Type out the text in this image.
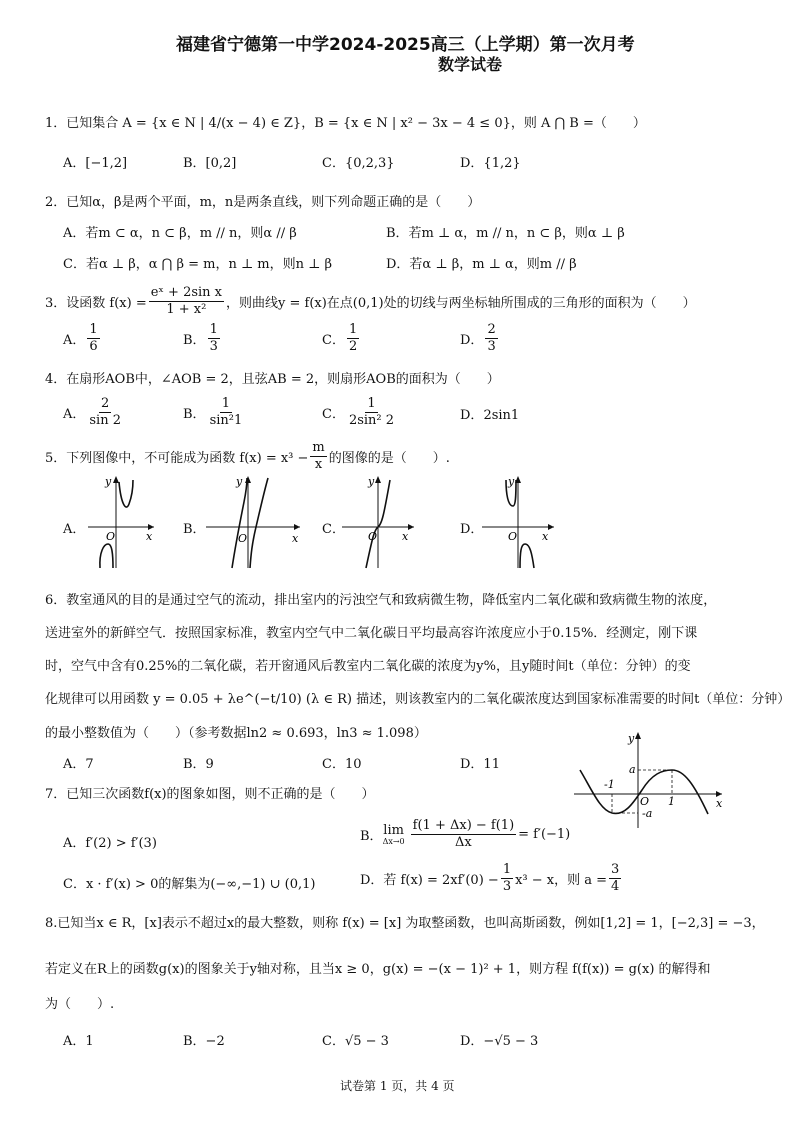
福建省宁德第一中学2024-2025高三（上学期）第一次月考
数学试卷
1．已知集合 A = {x ∈ N | 4/(x − 4) ∈ Z}，B = {x ∈ N | x² − 3x − 4 ≤ 0}，则 A ⋂ B =（　　）
A．[−1,2]	B．[0,2]	C．{0,2,3}	D．{1,2}
2．已知α，β是两个平面，m，n是两条直线，则下列命题正确的是（　　）
A．若m ⊂ α，n ⊂ β，m // n，则α // β	B．若m ⊥ α，m // n，n ⊂ β，则α ⊥ β
C．若α ⊥ β，α ⋂ β = m，n ⊥ m，则n ⊥ β	D．若α ⊥ β，m ⊥ α，则m // β
3．设函数 $f(x) = \frac{\text{eˣ + 2sin x}}{\text{1 + x²}}$ ，则曲线y = f(x)在点(0,1)处的切线与两坐标轴所围成的三角形的面积为（　　）
A． $\frac{1}{6}$	B． $\frac{1}{3}$	C． $\frac{1}{2}$	D． $\frac{2}{3}$
4．在扇形AOB中，∠AOB = 2，且弦AB = 2，则扇形AOB的面积为（　　）
A． $\frac{2}{\sin 2}$	B． $\frac{1}{\text{sin²1}}$	C． $\frac{1}{\text{2sin² 2}}$	D．2sin1
5．下列图像中，不可能成为函数 $f(x) = x^3 - \frac{m}{x}$ 的图像的是（　　）.
A．	B．	C．	D．
y
x
O
y
x
O
y
x
O
y
x
O
6．教室通风的目的是通过空气的流动，排出室内的污浊空气和致病微生物，降低室内二氧化碳和致病微生物的浓度，
送进室外的新鲜空气．按照国家标准，教室内空气中二氧化碳日平均最高容许浓度应小于0.15%．经测定，刚下课
时，空气中含有0.25%的二氧化碳，若开窗通风后教室内二氧化碳的浓度为y%，且y随时间t（单位：分钟）的变
化规律可以用函数 y = 0.05 + λe^(−t/10) (λ ∈ R) 描述，则该教室内的二氧化碳浓度达到国家标准需要的时间t（单位：分钟）
的最小整数值为（　　）（参考数据ln2 ≈ 0.693，ln3 ≈ 1.098）
A．7	B．9	C．10	D．11
y
x
a
-a
-1
1
O
7．已知三次函数f(x)的图象如图，则不正确的是（　　）
A．f′(2) > f′(3)	B． lim
$\Delta x\to 0 \frac{f(1 + \Delta x) - f(1)}{\Delta x} = f'(-1)$
C．x · f′(x) > 0的解集为(−∞,−1) ∪ (0,1)	D．若 $f(x) = 2xf'(0) - \frac{1}{3} x^3 - x$，则 $a = \frac{3}{4}$
8.已知当x ∈ R，[x]表示不超过x的最大整数，则称 f(x) = [x] 为取整函数，也叫高斯函数，例如[1,2] = 1，[−2,3] = −3，
若定义在R上的函数g(x)的图象关于y轴对称，且当x ≥ 0，g(x) = −(x − 1)² + 1，则方程 f(f(x)) = g(x) 的解得和
为（　　）.
A．1	B．−2	C．√5 − 3	D．−√5 − 3
试卷第 1 页，共 4 页
